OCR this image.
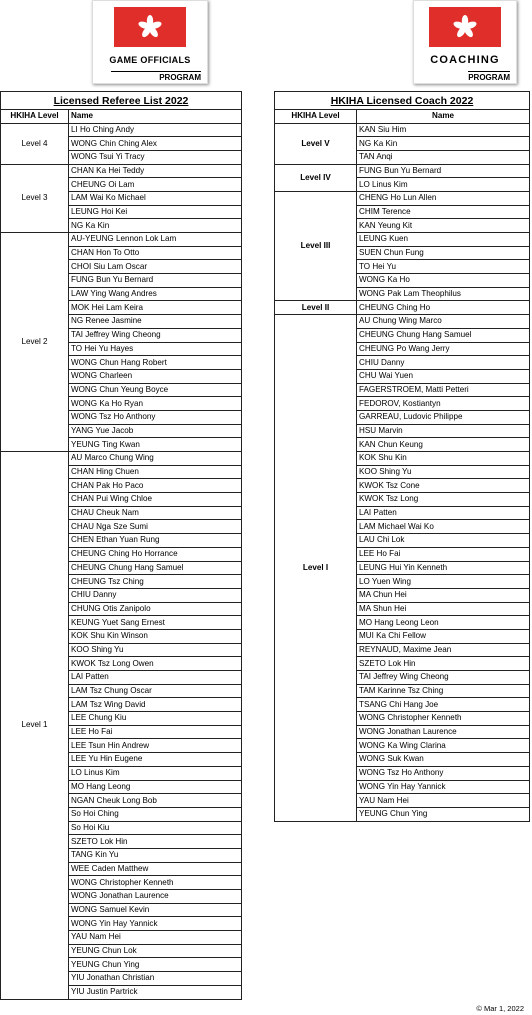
GAME OFFICIALS
PROGRAM
COACHING
PROGRAM
Licensed Referee List 2022	
HKIHA Level	Name
Level 4	LI Ho Ching Andy
	WONG Chin Ching Alex
	WONG Tsui Yi Tracy
Level 3	CHAN Ka Hei Teddy
	CHEUNG Oi Lam
	LAM Wai Ko Michael
	LEUNG Hoi Kei
	NG Ka Kin
Level 2	AU-YEUNG Lennon Lok Lam
	CHAN Hon To Otto
	CHOI Siu Lam Oscar
	FUNG Bun Yu Bernard
	LAW Ying Wang Andres
	MOK Hei Lam Keira
	NG Renee Jasmine
	TAI Jeffrey Wing Cheong
	TO Hei Yu Hayes
	WONG Chun Hang Robert
	WONG Charleen
	WONG Chun Yeung Boyce
	WONG Ka Ho Ryan
	WONG Tsz Ho Anthony
	YANG Yue Jacob
	YEUNG Ting Kwan
Level 1	AU Marco Chung Wing
	CHAN Hing Chuen
	CHAN Pak Ho Paco
	CHAN Pui Wing Chloe
	CHAU Cheuk Nam
	CHAU Nga Sze Sumi
	CHEN Ethan Yuan Rung
	CHEUNG Ching Ho Horrance
	CHEUNG Chung Hang Samuel
	CHEUNG Tsz Ching
	CHIU Danny
	CHUNG Otis Zanipolo
	KEUNG Yuet Sang Ernest
	KOK Shu Kin Winson
	KOO Shing Yu
	KWOK Tsz Long Owen
	LAI Patten
	LAM Tsz Chung Oscar
	LAM Tsz Wing David
	LEE Chung Kiu
	LEE Ho Fai
	LEE Tsun Hin Andrew
	LEE Yu Hin Eugene
	LO Linus Kim
	MO Hang Leong
	NGAN Cheuk Long Bob
	So Hoi Ching
	So Hoi Kiu
	SZETO Lok Hin
	TANG Kin Yu
	WEE Caden Matthew
	WONG Christopher Kenneth
	WONG Jonathan Laurence
	WONG Samuel Kevin
	WONG Yin Hay Yannick
	YAU Nam Hei
	YEUNG Chun Lok
	YEUNG Chun Ying
	YIU Jonathan Christian
	YIU Justin Partrick
HKIHA Licensed Coach 2022	
HKIHA Level	Name
Level V	KAN Siu Him
	NG Ka Kin
	TAN Anqi
Level IV	FUNG Bun Yu Bernard
	LO Linus Kim
Level III	CHENG Ho Lun Allen
	CHIM Terence
	KAN Yeung Kit
	LEUNG Kuen
	SUEN Chun Fung
	TO Hei Yu
	WONG Ka Ho
	WONG Pak Lam Theophilus
Level II	CHEUNG Ching Ho
Level I	AU Chung Wing Marco
	CHEUNG Chung Hang Samuel
	CHEUNG Po Wang Jerry
	CHIU Danny
	CHU Wai Yuen
	FAGERSTROEM, Matti Petteri
	FEDOROV, Kostiantyn
	GARREAU, Ludovic Philippe
	HSU Marvin
	KAN Chun Keung
	KOK Shu Kin
	KOO Shing Yu
	KWOK Tsz Cone
	KWOK Tsz Long
	LAI Patten
	LAM Michael Wai Ko
	LAU Chi Lok
	LEE Ho Fai
	LEUNG Hui Yin Kenneth
	LO Yuen Wing
	MA Chun Hei
	MA Shun Hei
	MO Hang Leong Leon
	MUI Ka Chi Fellow
	REYNAUD, Maxime Jean
	SZETO Lok Hin
	TAI Jeffrey Wing Cheong
	TAM Karinne Tsz Ching
	TSANG Chi Hang Joe
	WONG Christopher Kenneth
	WONG Jonathan Laurence
	WONG Ka Wing Clarina
	WONG Suk Kwan
	WONG Tsz Ho Anthony
	WONG Yin Hay Yannick
	YAU Nam Hei
	YEUNG Chun Ying
© Mar 1, 2022
